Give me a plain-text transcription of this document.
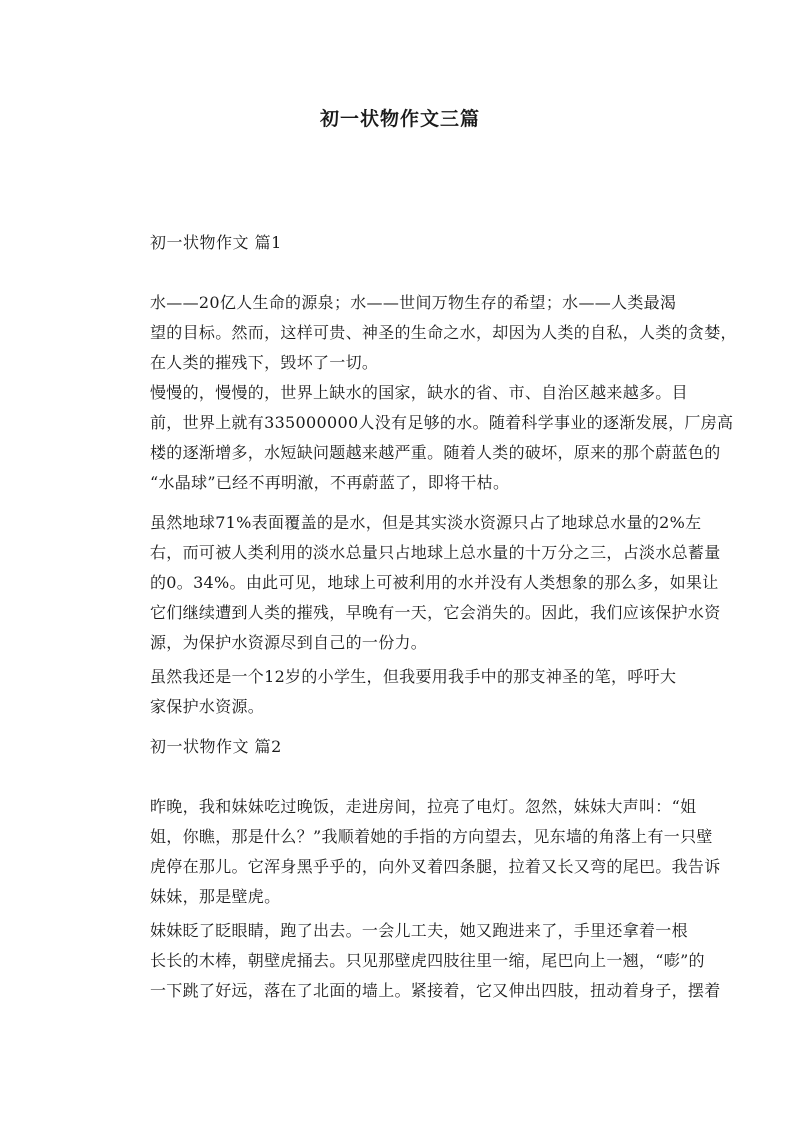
初一状物作文三篇
初一状物作文 篇1
水——20亿人生命的源泉；水——世间万物生存的希望；水——人类最渴
望的目标。然而，这样可贵、神圣的生命之水，却因为人类的自私，人类的贪婪，
在人类的摧残下，毁坏了一切。
慢慢的，慢慢的，世界上缺水的国家，缺水的省、市、自治区越来越多。目
前，世界上就有335000000人没有足够的水。随着科学事业的逐渐发展，厂房高
楼的逐渐增多，水短缺问题越来越严重。随着人类的破坏，原来的那个蔚蓝色的
“水晶球”已经不再明澈，不再蔚蓝了，即将干枯。
虽然地球71%表面覆盖的是水，但是其实淡水资源只占了地球总水量的2%左
右，而可被人类利用的淡水总量只占地球上总水量的十万分之三，占淡水总蓄量
的0。34%。由此可见，地球上可被利用的水并没有人类想象的那么多，如果让
它们继续遭到人类的摧残，早晚有一天，它会消失的。因此，我们应该保护水资
源，为保护水资源尽到自己的一份力。
虽然我还是一个12岁的小学生，但我要用我手中的那支神圣的笔，呼吁大
家保护水资源。
初一状物作文 篇2
昨晚，我和妹妹吃过晚饭，走进房间，拉亮了电灯。忽然，妹妹大声叫：“姐
姐，你瞧，那是什么？”我顺着她的手指的方向望去，见东墙的角落上有一只壁
虎停在那儿。它浑身黑乎乎的，向外叉着四条腿，拉着又长又弯的尾巴。我告诉
妹妹，那是壁虎。
妹妹眨了眨眼睛，跑了出去。一会儿工夫，她又跑进来了，手里还拿着一根
长长的木棒，朝壁虎捅去。只见那壁虎四肢往里一缩，尾巴向上一翘，“嘭”的
一下跳了好远，落在了北面的墙上。紧接着，它又伸出四肢，扭动着身子，摆着
